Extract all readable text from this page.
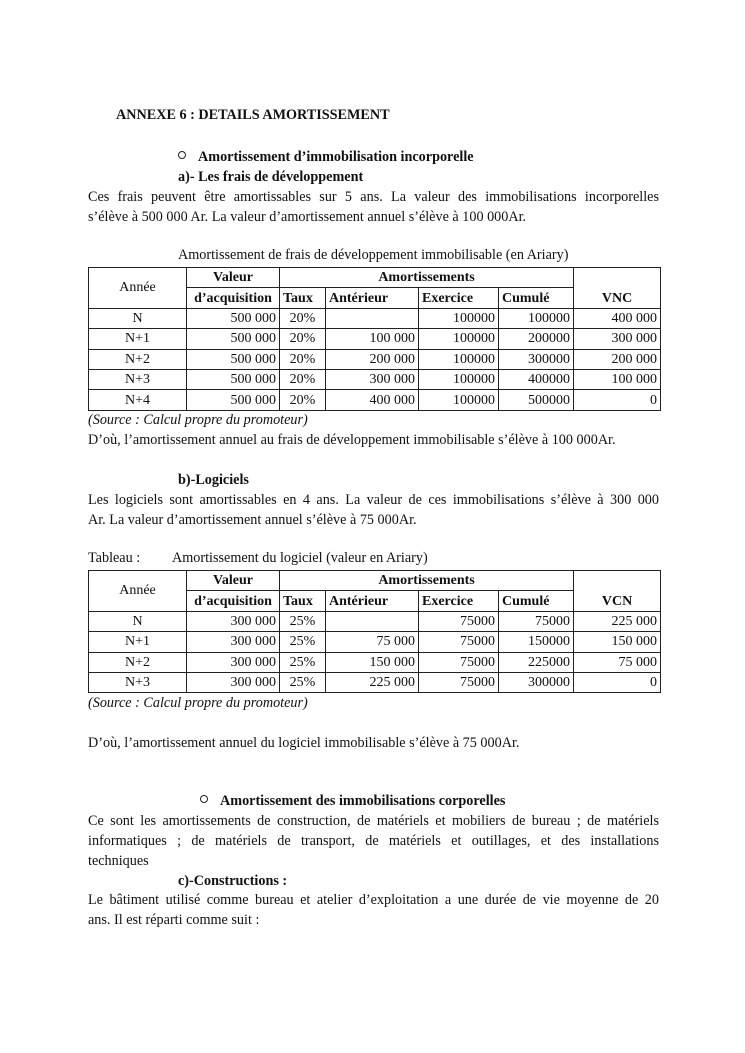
ANNEXE 6 : DETAILS AMORTISSEMENT
Amortissement d’immobilisation incorporelle
a)- Les frais de développement
Ces frais peuvent être amortissables sur 5 ans. La valeur des immobilisations incorporelles
s’élève à 500 000 Ar. La valeur d’amortissement annuel s’élève à 100 000Ar.
Amortissement de frais de développement immobilisable (en Ariary)
Année	Valeur	Amortissements				VNC
	d’acquisition	Taux	Antérieur	Exercice	Cumulé	
N	500 000	20%		100000	100000	400 000
N+1	500 000	20%	100 000	100000	200000	300 000
N+2	500 000	20%	200 000	100000	300000	200 000
N+3	500 000	20%	300 000	100000	400000	100 000
N+4	500 000	20%	400 000	100000	500000	0
(Source : Calcul propre du promoteur)
D’où, l’amortissement annuel au frais de développement immobilisable s’élève à 100 000Ar.
b)-Logiciels
Les logiciels sont amortissables en 4 ans. La valeur de ces immobilisations s’élève à 300 000
Ar. La valeur d’amortissement annuel s’élève à 75 000Ar.
Tableau : Amortissement du logiciel (valeur en Ariary)
Année	Valeur	Amortissements				VCN
	d’acquisition	Taux	Antérieur	Exercice	Cumulé	
N	300 000	25%		75000	75000	225 000
N+1	300 000	25%	75 000	75000	150000	150 000
N+2	300 000	25%	150 000	75000	225000	75 000
N+3	300 000	25%	225 000	75000	300000	0
(Source : Calcul propre du promoteur)
D’où, l’amortissement annuel du logiciel immobilisable s’élève à 75 000Ar.
Amortissement des immobilisations corporelles
Ce sont les amortissements de construction, de matériels et mobiliers de bureau ; de matériels
informatiques ; de matériels de transport, de matériels et outillages, et des installations
techniques
c)-Constructions :
Le bâtiment utilisé comme bureau et atelier d’exploitation a une durée de vie moyenne de 20
ans. Il est réparti comme suit :
